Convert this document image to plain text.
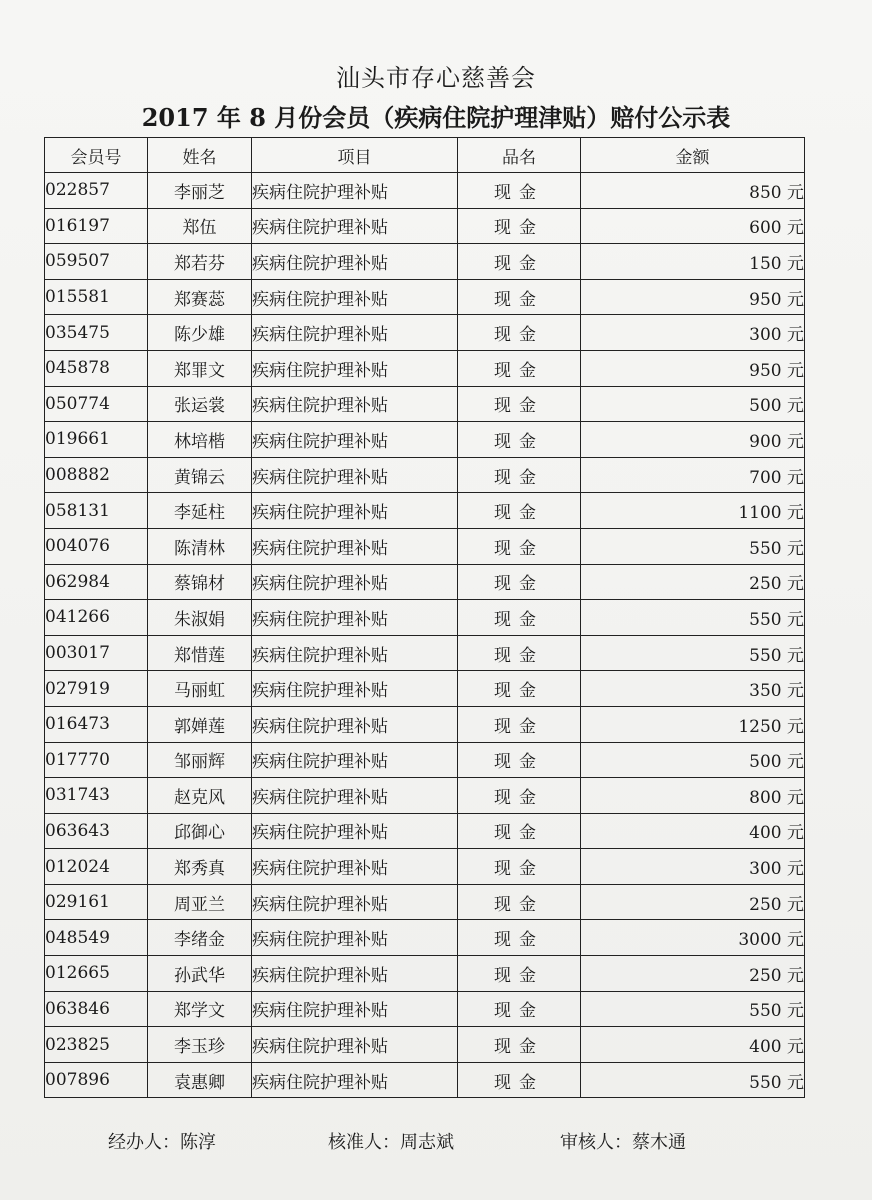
汕头市存心慈善会
2017 年 8 月份会员（疾病住院护理津贴）赔付公示表
会员号	姓名	项目	品名	金额
022857	李丽芝	疾病住院护理补贴	现金	850 元
016197	郑伍	疾病住院护理补贴	现金	600 元
059507	郑若芬	疾病住院护理补贴	现金	150 元
015581	郑赛蕊	疾病住院护理补贴	现金	950 元
035475	陈少雄	疾病住院护理补贴	现金	300 元
045878	郑罪文	疾病住院护理补贴	现金	950 元
050774	张运裳	疾病住院护理补贴	现金	500 元
019661	林培楷	疾病住院护理补贴	现金	900 元
008882	黄锦云	疾病住院护理补贴	现金	700 元
058131	李延柱	疾病住院护理补贴	现金	1100 元
004076	陈清林	疾病住院护理补贴	现金	550 元
062984	蔡锦材	疾病住院护理补贴	现金	250 元
041266	朱淑娟	疾病住院护理补贴	现金	550 元
003017	郑惜莲	疾病住院护理补贴	现金	550 元
027919	马丽虹	疾病住院护理补贴	现金	350 元
016473	郭婵莲	疾病住院护理补贴	现金	1250 元
017770	邹丽辉	疾病住院护理补贴	现金	500 元
031743	赵克风	疾病住院护理补贴	现金	800 元
063643	邱御心	疾病住院护理补贴	现金	400 元
012024	郑秀真	疾病住院护理补贴	现金	300 元
029161	周亚兰	疾病住院护理补贴	现金	250 元
048549	李绪金	疾病住院护理补贴	现金	3000 元
012665	孙武华	疾病住院护理补贴	现金	250 元
063846	郑学文	疾病住院护理补贴	现金	550 元
023825	李玉珍	疾病住院护理补贴	现金	400 元
007896	袁惠卿	疾病住院护理补贴	现金	550 元
经办人：陈淳	核准人：周志斌	审核人：蔡木通
